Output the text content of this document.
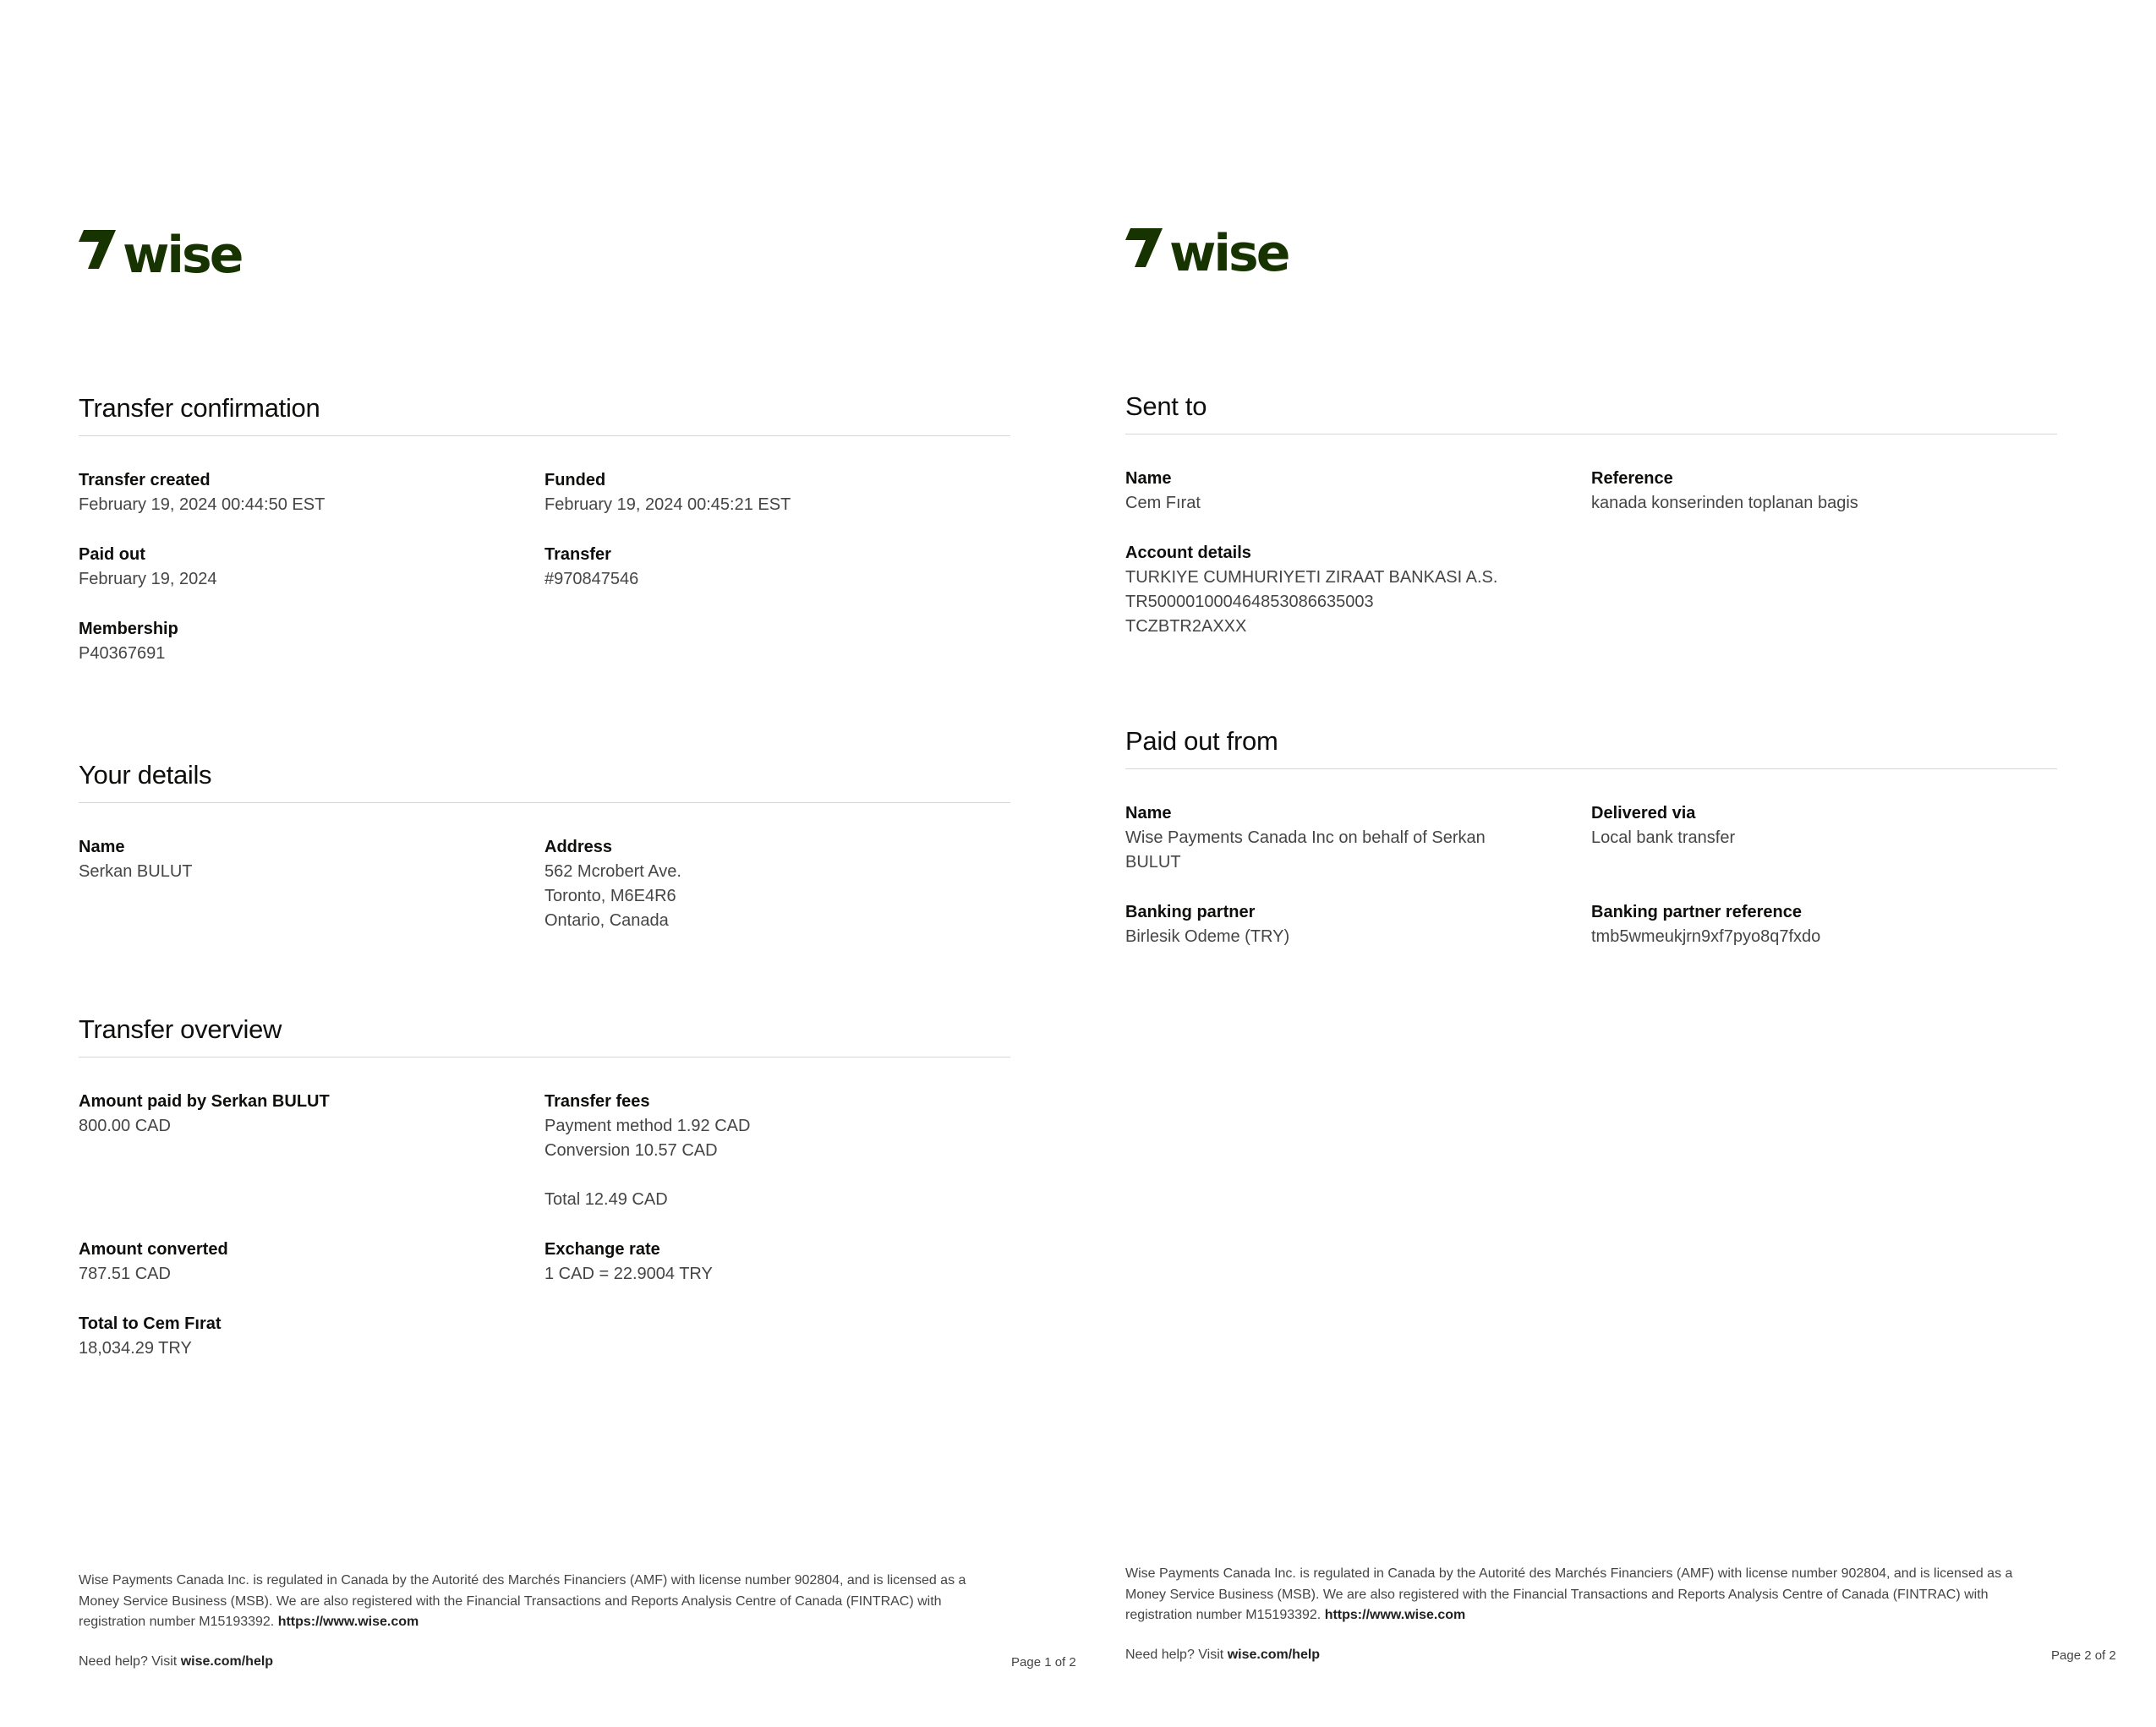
wise
Transfer confirmation
Transfer created
February 19, 2024 00:44:50 EST
Funded
February 19, 2024 00:45:21 EST
Paid out
February 19, 2024
Transfer
#970847546
Membership
P40367691
Your details
Name
Serkan BULUT
Address
562 Mcrobert Ave.
Toronto, M6E4R6
Ontario, Canada
Transfer overview
Amount paid by Serkan BULUT
800.00 CAD
Transfer fees
Payment method 1.92 CAD
Conversion 10.57 CAD
Total 12.49 CAD
Amount converted
787.51 CAD
Exchange rate
1 CAD = 22.9004 TRY
Total to Cem Fırat
18,034.29 TRY
Wise Payments Canada Inc. is regulated in Canada by the Autorité des Marchés Financiers (AMF) with license number 902804, and is licensed as a Money Service Business (MSB). We are also registered with the Financial Transactions and Reports Analysis Centre of Canada (FINTRAC) with registration number M15193392. https://www.wise.com
Need help? Visit wise.com/help	Page 1 of 2
wise
Sent to
Name
Cem Fırat
Reference
kanada konserinden toplanan bagis
Account details
TURKIYE CUMHURIYETI ZIRAAT BANKASI A.S.
TR500001000464853086635003
TCZBTR2AXXX
Paid out from
Name
Wise Payments Canada Inc on behalf of Serkan BULUT
Delivered via
Local bank transfer
Banking partner
Birlesik Odeme (TRY)
Banking partner reference
tmb5wmeukjrn9xf7pyo8q7fxdo
Wise Payments Canada Inc. is regulated in Canada by the Autorité des Marchés Financiers (AMF) with license number 902804, and is licensed as a Money Service Business (MSB). We are also registered with the Financial Transactions and Reports Analysis Centre of Canada (FINTRAC) with registration number M15193392. https://www.wise.com
Need help? Visit wise.com/help	Page 2 of 2
